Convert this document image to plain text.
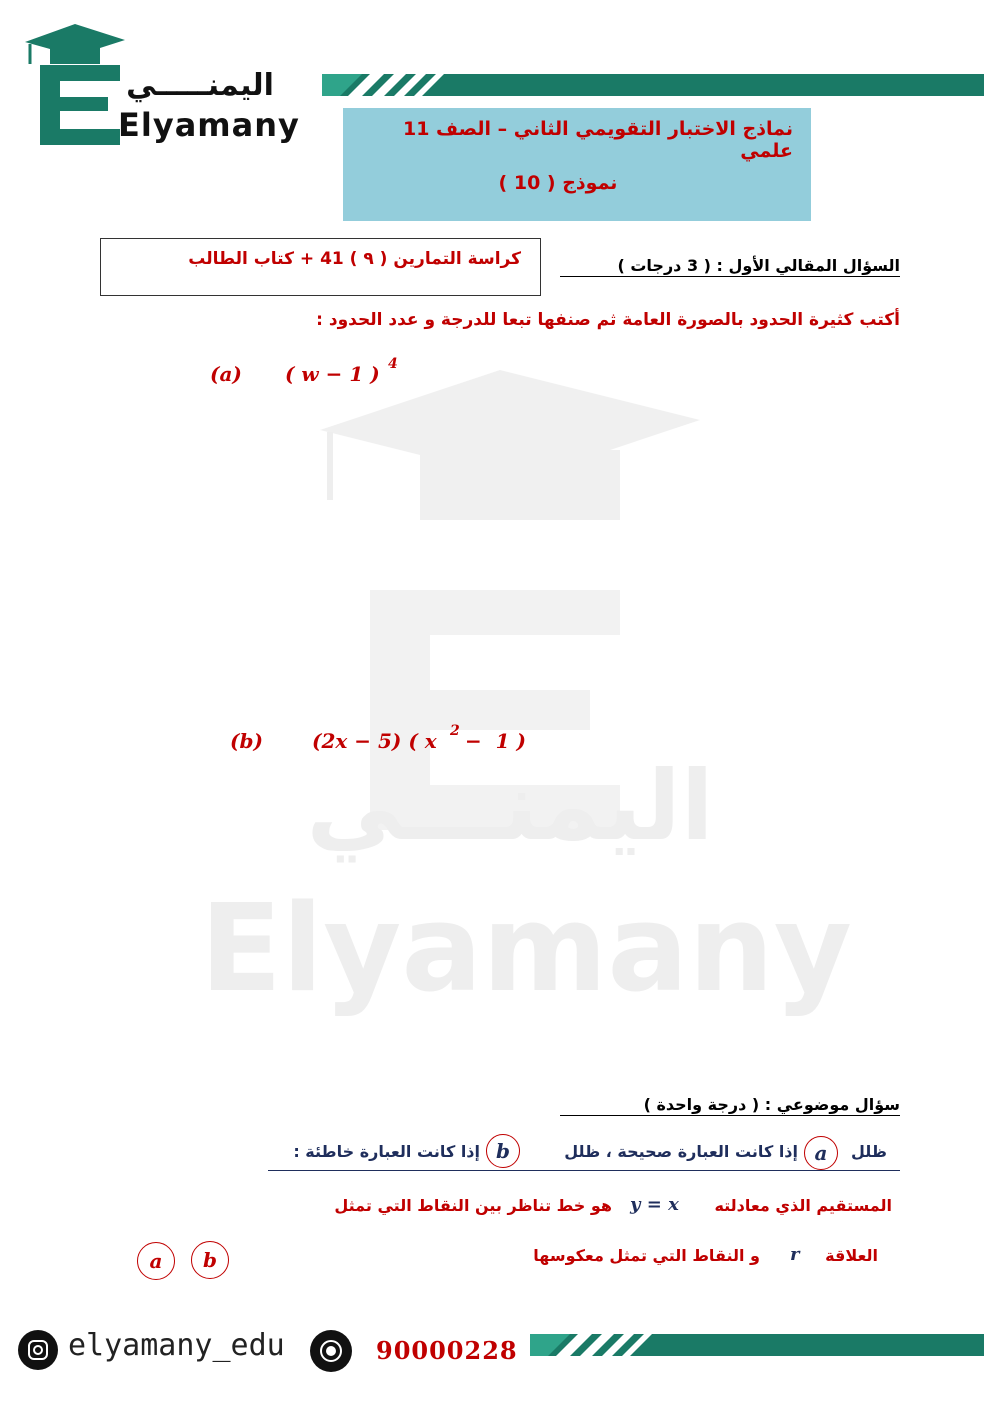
اليمنـــي
Elyamany
اليمنـــــي
Elyamany	نماذج الاختبار التقويمي الثاني – الصف 11 علمي
نموذج ( 10 )
كراسة التمارين ( ٩ ) 41 + كتاب الطالب	السؤال المقالي الأول : ( 3 درجات )
أكتب كثيرة الحدود بالصورة العامة ثم صنفها تبعا للدرجة و عدد الحدود :
(a) ( w − 1 ) 4
(b) (2x − 5) ( x 2
−  1 )
سؤال موضوعي : ( درجة واحدة )
ظلل
a
إذا كانت العبارة صحيحة ، ظلل
b
إذا كانت العبارة خاطئة :
المستقيم الذي معادلته
y = x
هو خط تناظر بين النقاط التي تمثل
العلاقة
r
و النقاط التي تمثل معكوسها
a b
elyamany_edu	90000228
